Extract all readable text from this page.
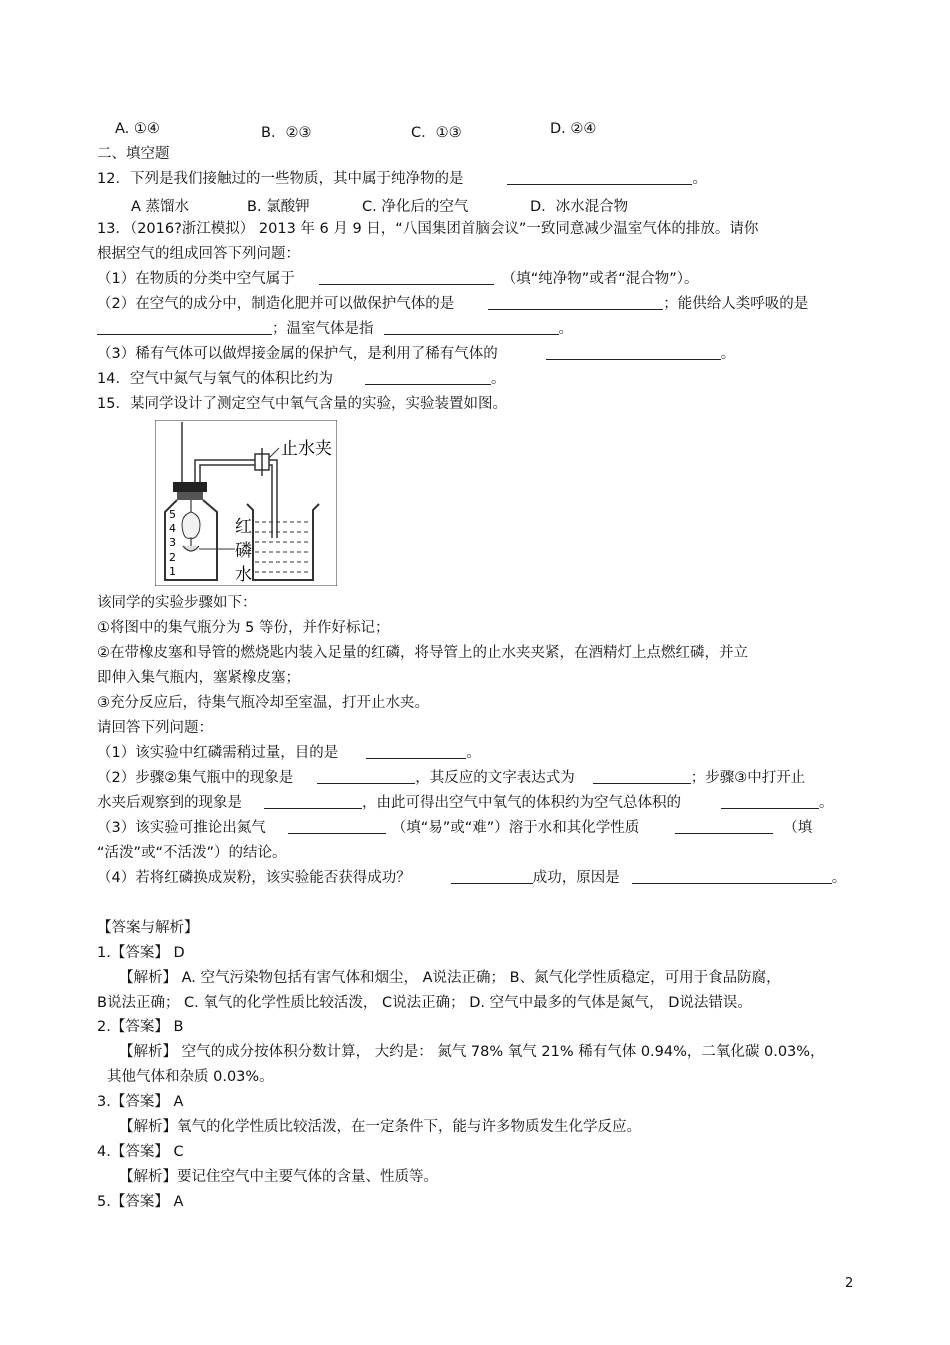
A. ①④	B．②③	C．①③	D. ②④
二、填空题
12．下列是我们接触过的一些物质，其中属于纯净物的是	。
A 蒸馏水	B. 氯酸钾	C. 净化后的空气	D．冰水混合物
13．（2016?浙江模拟） 2013 年 6 月 9 日，“八国集团首脑会议”一致同意减少温室气体的排放。请你
根据空气的组成回答下列问题：
（1）在物质的分类中空气属于	（填“纯净物”或者“混合物”）。
（2）在空气的成分中，制造化肥并可以做保护气体的是	；能供给人类呼吸的是
；温室气体是指	。
（3）稀有气体可以做焊接金属的保护气，是利用了稀有气体的	。
14．空气中氮气与氧气的体积比约为	。
15．某同学设计了测定空气中氧气含量的实验，实验装置如图。
止水夹
5
4
3
2
1
红
磷
水
该同学的实验步骤如下：
①将图中的集气瓶分为 5 等份，并作好标记；
②在带橡皮塞和导管的燃烧匙内装入足量的红磷，将导管上的止水夹夹紧，在酒精灯上点燃红磷，并立
即伸入集气瓶内，塞紧橡皮塞；
③充分反应后，待集气瓶冷却至室温，打开止水夹。
请回答下列问题：
（1）该实验中红磷需稍过量，目的是	。
（2）步骤②集气瓶中的现象是	，其反应的文字表达式为	；步骤③中打开止
水夹后观察到的现象是	，由此可得出空气中氧气的体积约为空气总体积的	。
（3）该实验可推论出氮气	（填“易”或“难”）溶于水和其化学性质	（填
“活泼”或“不活泼”）的结论。
（4）若将红磷换成炭粉，该实验能否获得成功？	成功，原因是	。
【答案与解析】
1.【答案】 D
【解析】 A. 空气污染物包括有害气体和烟尘， A说法正确； B、氮气化学性质稳定，可用于食品防腐，
B说法正确； C. 氧气的化学性质比较活泼， C说法正确； D. 空气中最多的气体是氮气， D说法错误。
2.【答案】 B
【解析】 空气的成分按体积分数计算， 大约是： 氮气 78% 氧气 21% 稀有气体 0.94%，二氧化碳 0.03%，
其他气体和杂质 0.03%。
3.【答案】 A
【解析】氧气的化学性质比较活泼，在一定条件下，能与许多物质发生化学反应。
4.【答案】 C
【解析】要记住空气中主要气体的含量、性质等。
5.【答案】 A
2
